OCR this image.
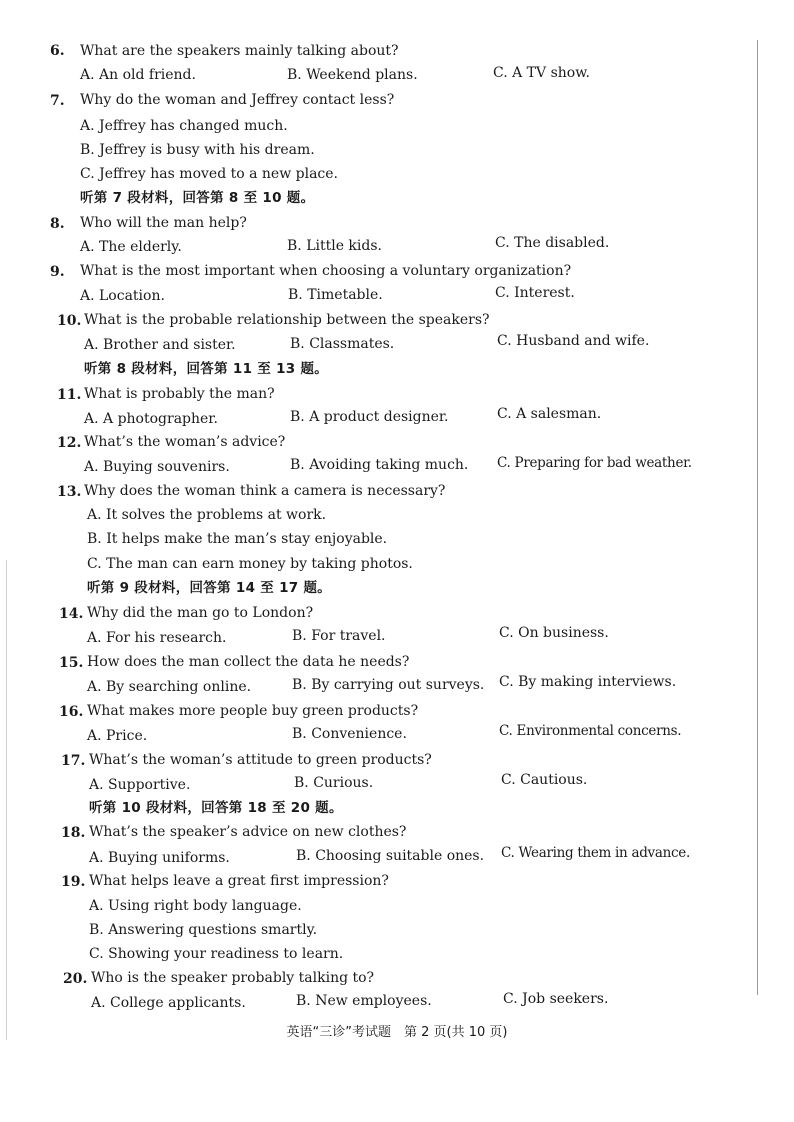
6. What are the speakers mainly talking about?
A. An old friend.	B. Weekend plans.	C. A TV show.
7. Why do the woman and Jeffrey contact less?
A. Jeffrey has changed much.
B. Jeffrey is busy with his dream.
C. Jeffrey has moved to a new place.
听第 7 段材料，回答第 8 至 10 题。
8. Who will the man help?
A. The elderly.	B. Little kids.	C. The disabled.
9. What is the most important when choosing a voluntary organization?
A. Location.	B. Timetable.	C. Interest.
10. What is the probable relationship between the speakers?
A. Brother and sister.	B. Classmates.	C. Husband and wife.
听第 8 段材料，回答第 11 至 13 题。
11. What is probably the man?
A. A photographer.	B. A product designer.	C. A salesman.
12. What’s the woman’s advice?
A. Buying souvenirs.	B. Avoiding taking much. C. Preparing for bad weather.
13. Why does the woman think a camera is necessary?
A. It solves the problems at work.
B. It helps make the man’s stay enjoyable.
C. The man can earn money by taking photos.
听第 9 段材料，回答第 14 至 17 题。
14. Why did the man go to London?
A. For his research.	B. For travel.	C. On business.
15. How does the man collect the data he needs?
A. By searching online.	B. By carrying out surveys. C. By making interviews.
16. What makes more people buy green products?
A. Price.	B. Convenience.	C. Environmental concerns.
17. What’s the woman’s attitude to green products?
A. Supportive.	B. Curious.	C. Cautious.
听第 10 段材料，回答第 18 至 20 题。
18. What’s the speaker’s advice on new clothes?
A. Buying uniforms.	B. Choosing suitable ones. C. Wearing them in advance.
19. What helps leave a great first impression?
A. Using right body language.
B. Answering questions smartly.
C. Showing your readiness to learn.
20. Who is the speaker probably talking to?
A. College applicants.	B. New employees.	C. Job seekers.
英语“三诊”考试题　第 2 页(共 10 页)
